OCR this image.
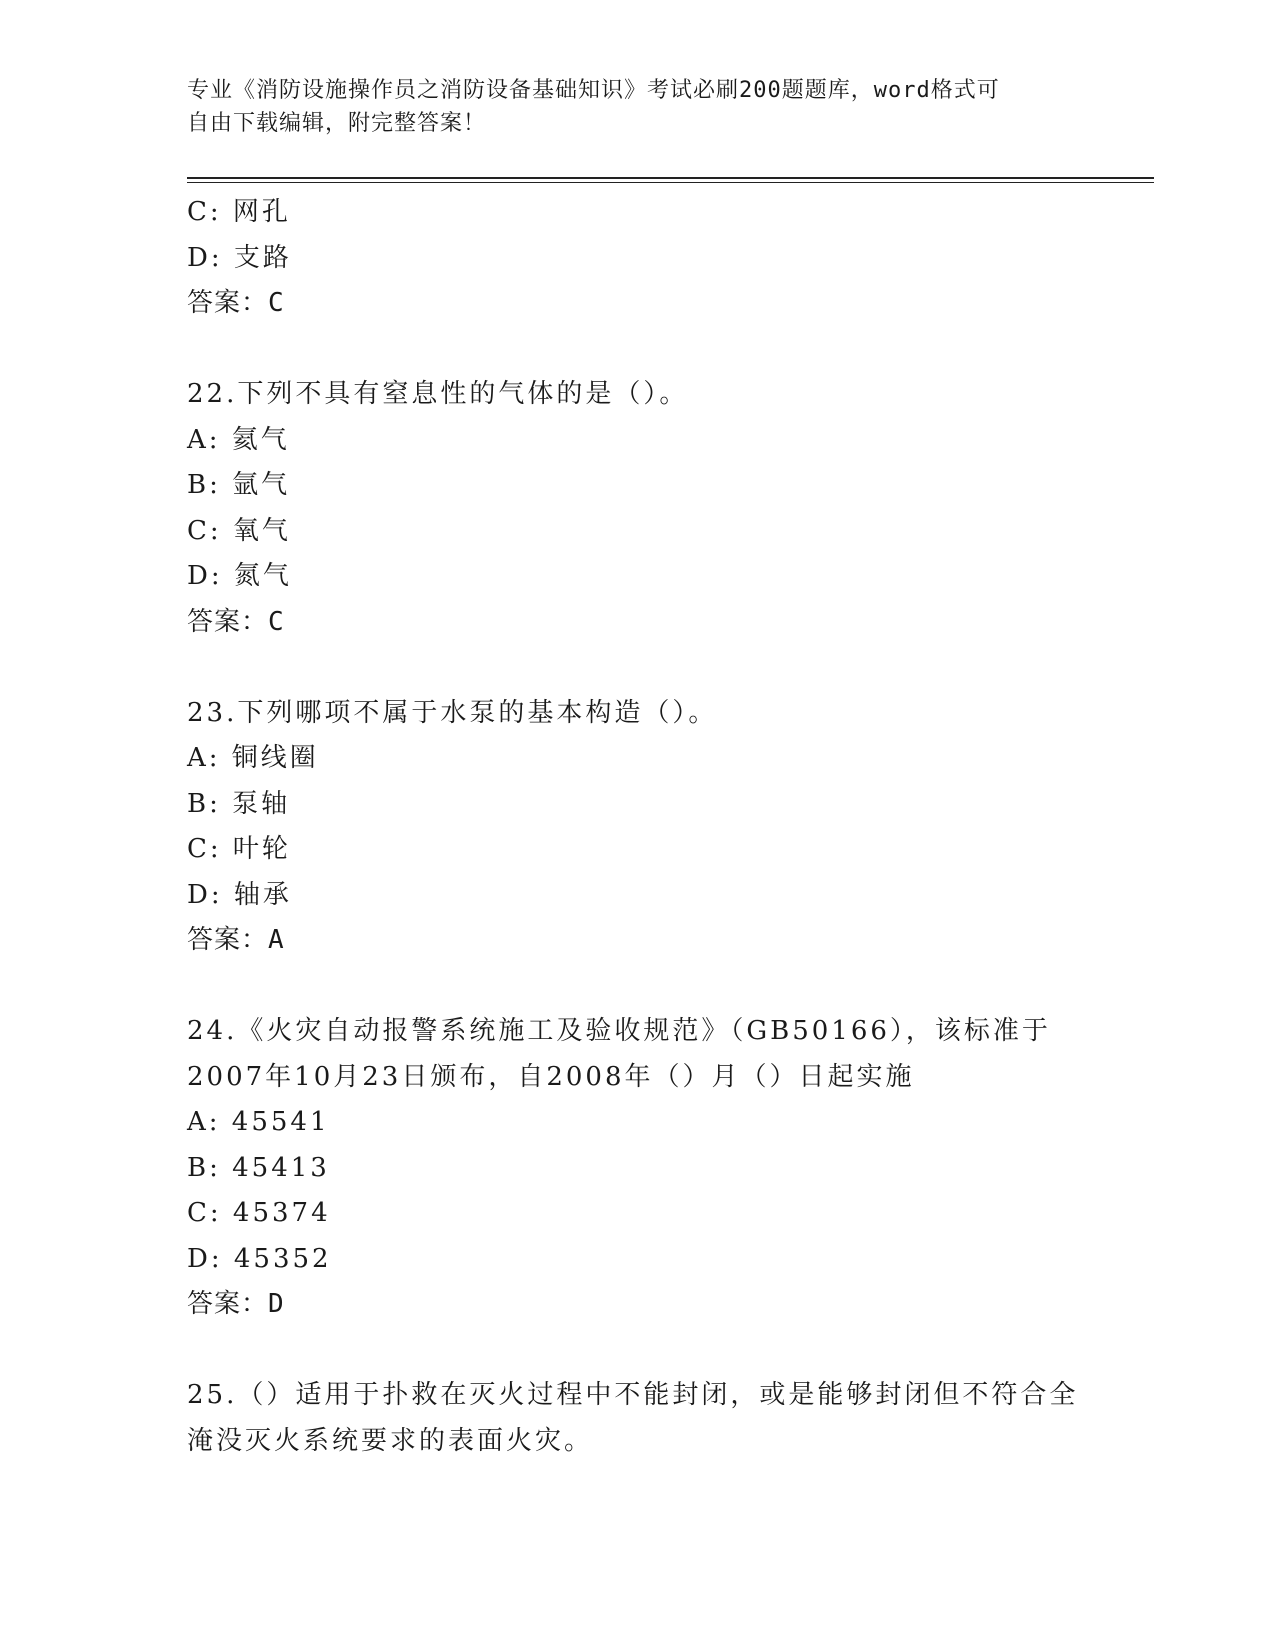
专业《消防设施操作员之消防设备基础知识》考试必刷200题题库，word格式可
自由下载编辑，附完整答案！
C: 网孔
D: 支路
答案：C
22.下列不具有窒息性的气体的是（）。
A: 氦气
B: 氩气
C: 氧气
D: 氮气
答案：C
23.下列哪项不属于水泵的基本构造（）。
A: 铜线圈
B: 泵轴
C: 叶轮
D: 轴承
答案：A
24.《火灾自动报警系统施工及验收规范》（GB50166），该标准于
2007年10月23日颁布，自2008年（）月（）日起实施
A: 45541
B: 45413
C: 45374
D: 45352
答案：D
25.（）适用于扑救在灭火过程中不能封闭，或是能够封闭但不符合全
淹没灭火系统要求的表面火灾。
